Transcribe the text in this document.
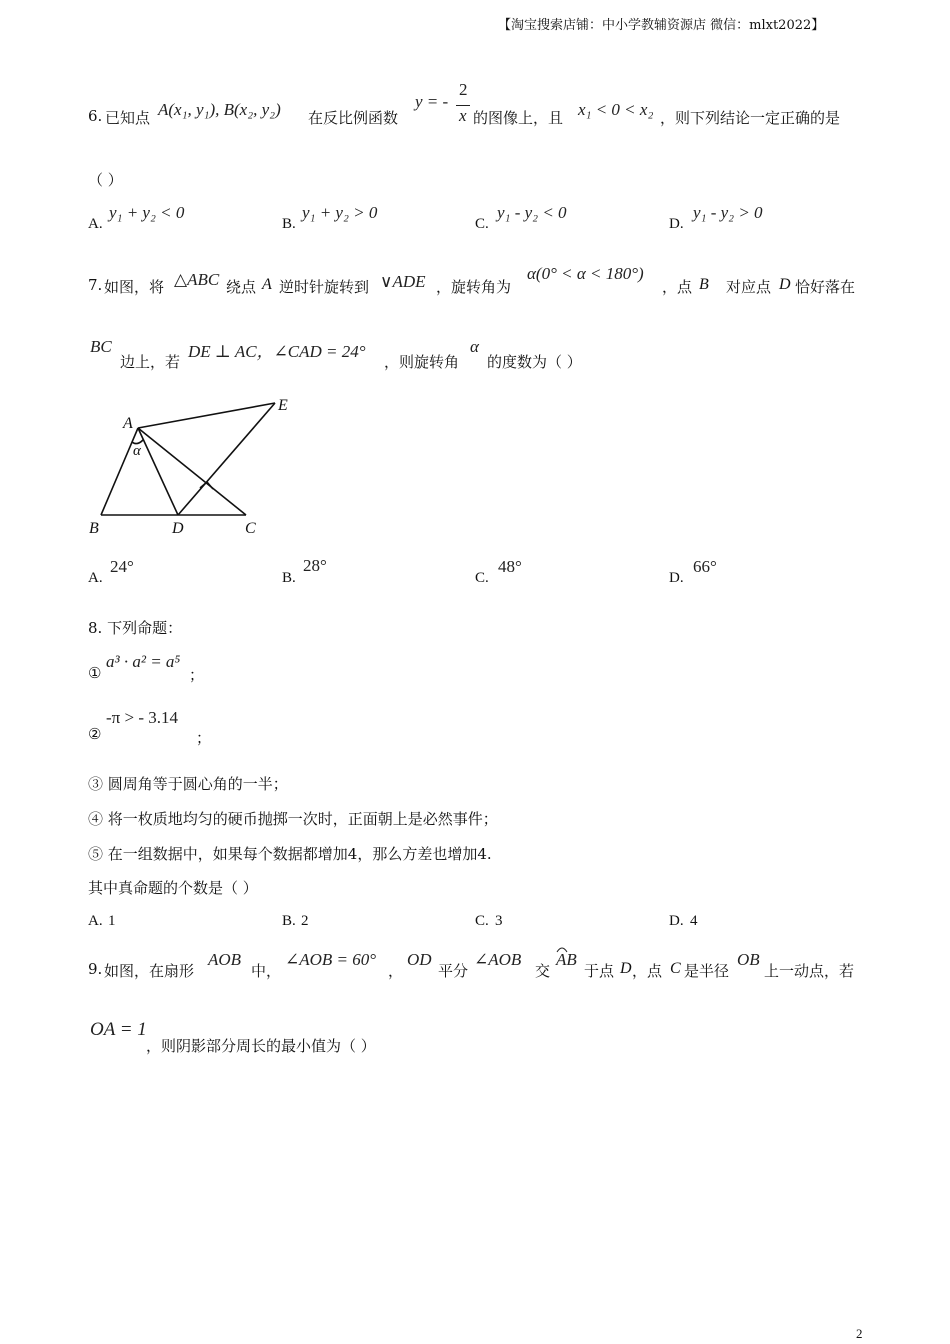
【淘宝搜索店铺：中小学教辅资源店 微信：mlxt2022】
6. 已知点 A(x₁, y₁), B(x₂, y₂) 在反比例函数
y = -
2
x 的图像上，且 x₁ < 0 < x₂ ，则下列结论一定正确的是
（ ）
A.
y₁ + y₂ < 0
B.
y₁ + y₂ > 0
C.
y₁ - y₂ < 0
D.
y₁ - y₂ > 0
7. 如图，将 △ABC 绕点 A 逆时针旋转到 ∨ADE ，旋转角为
α(0° < α < 180°)
，点 B 对应点 D 恰好落在
BC
边上，若
DE ⊥ AC，∠CAD = 24°
，则旋转角
α
的度数为（ ）
A
B	D	C
E
α
A.
24°
B.
28°
C.
48°
D.
66°
8. 下列命题：
①
a³ · a² = a⁵
；
②
-π > - 3.14
；
③ 圆周角等于圆心角的一半；
④ 将一枚质地均匀的硬币抛掷一次时，正面朝上是必然事件；
⑤ 在一组数据中，如果每个数据都增加4，那么方差也增加4.
其中真命题的个数是（ ）
A. 1	B. 2	C. 3	D. 4
9. 如图，在扇形
AOB
中，
∠AOB = 60°
，
OD
平分
∠AOB
交
AB
于点 D ，点 C 是半径
OB
上一动点，若
OA = 1
，则阴影部分周长的最小值为（ ）
2
